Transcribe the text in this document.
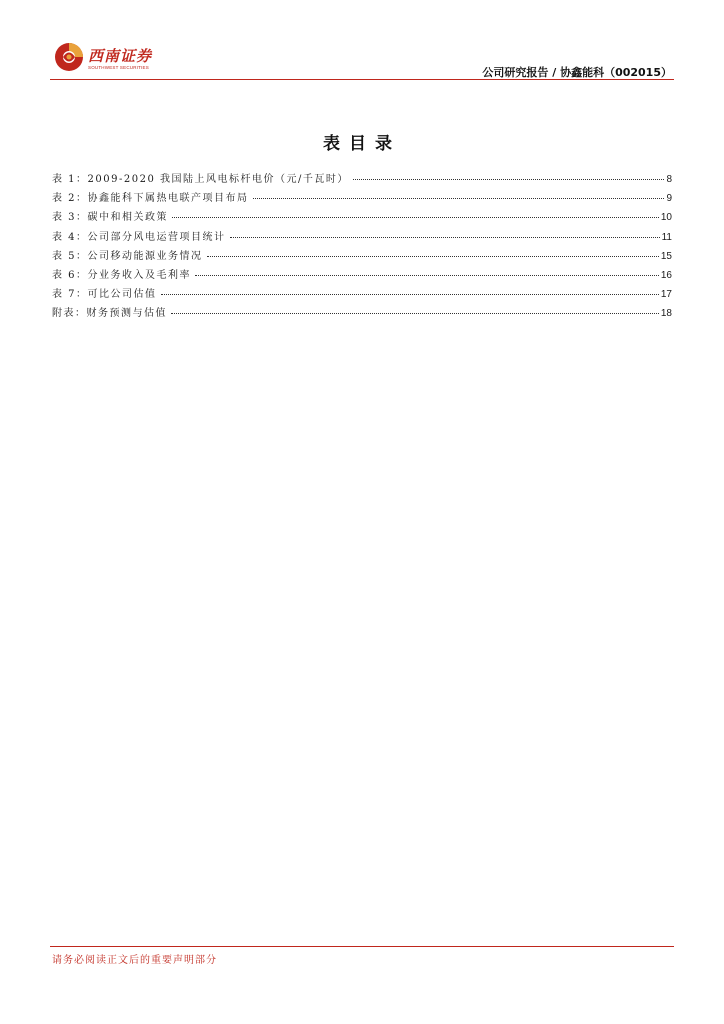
西南证券
SOUTHWEST SECURITIES	公司研究报告 / 协鑫能科（002015）
表目录
表 1：2009-2020 我国陆上风电标杆电价（元/千瓦时）	8
表 2：协鑫能科下属热电联产项目布局	9
表 3：碳中和相关政策	10
表 4：公司部分风电运营项目统计	11
表 5：公司移动能源业务情况	15
表 6：分业务收入及毛利率	16
表 7：可比公司估值	17
附表：财务预测与估值	18
请务必阅读正文后的重要声明部分
